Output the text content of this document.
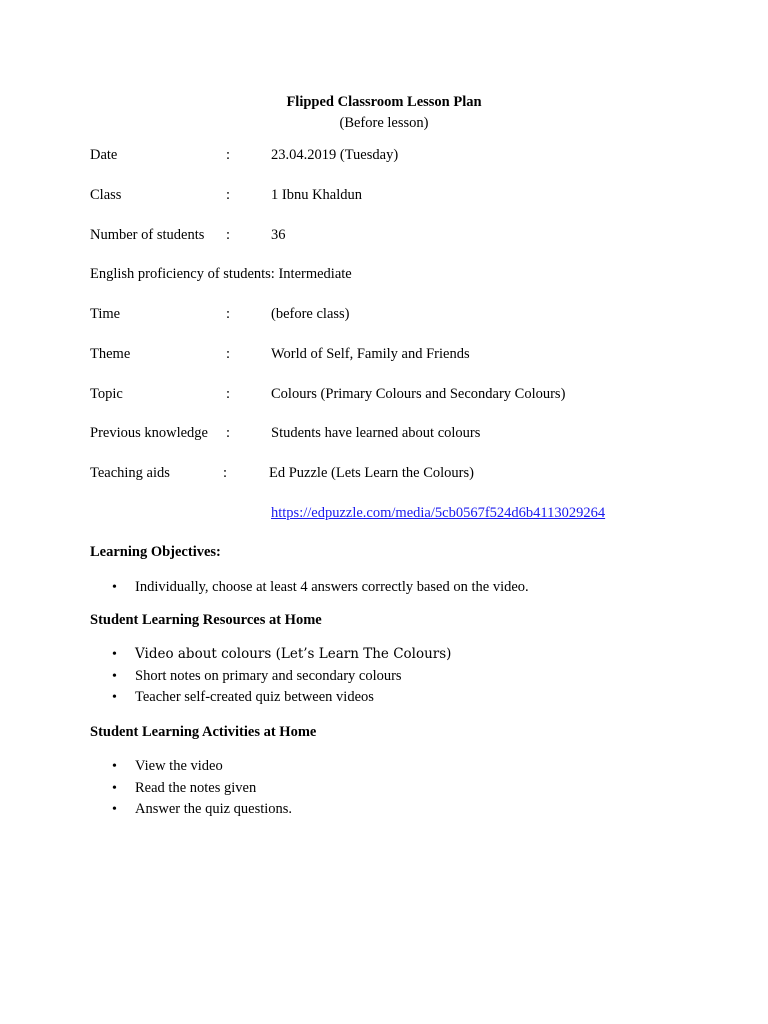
Flipped Classroom Lesson Plan
(Before lesson)
Date	:	23.04.2019 (Tuesday)
Class	:	1 Ibnu Khaldun
Number of students :	36
English proficiency of students: Intermediate
Time	:	(before class)
Theme	:	World of Self, Family and Friends
Topic	:	Colours (Primary Colours and Secondary Colours)
Previous knowledge :	Students have learned about colours
Teaching aids	:	Ed Puzzle (Lets Learn the Colours)
https://edpuzzle.com/media/5cb0567f524d6b4113029264
Learning Objectives:
• Individually, choose at least 4 answers correctly based on the video.
Student Learning Resources at Home
• Video about colours (Let’s Learn The Colours)
• Short notes on primary and secondary colours
• Teacher self-created quiz between videos
Student Learning Activities at Home
• View the video
• Read the notes given
• Answer the quiz questions.
